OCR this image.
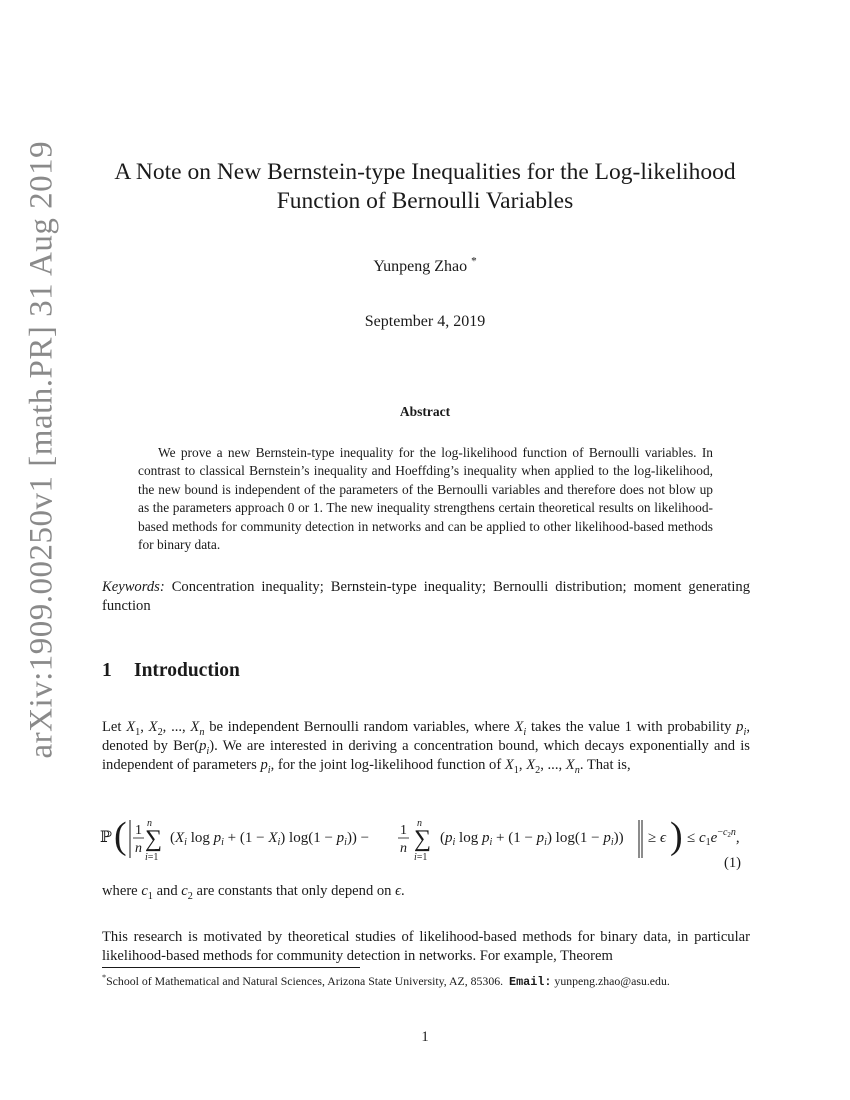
arXiv:1909.00250v1 [math.PR] 31 Aug 2019	A Note on New Bernstein-type Inequalities for the Log-likelihood
Function of Bernoulli Variables
Yunpeng Zhao *
September 4, 2019
Abstract
We prove a new Bernstein-type inequality for the log-likelihood function of Bernoulli variables. In contrast to classical Bernstein’s inequality and Hoeffding’s inequality when applied to the log-likelihood, the new bound is independent of the parameters of the Bernoulli variables and therefore does not blow up as the parameters approach 0 or 1. The new inequality strengthens certain theoretical results on likelihood-based methods for community detection in networks and can be applied to other likelihood-based methods for binary data.
Keywords: Concentration inequality; Bernstein-type inequality; Bernoulli distribution; moment generating function
1 Introduction
Let $X_1$, $X_2$, ..., $X_n$ be independent Bernoulli random variables, where $X_i$ takes the value 1 with probability $p_i$, denoted by $Ber(p_i)$. We are interested in deriving a concentration bound, which decays exponentially and is independent of parameters $p_i$, for the joint log-likelihood function of $X_1$, $X_2$, ..., $X_n$. That is,
ℙ ( 1
n
n
∑
i=1
($X_i$ $\log p_i + (1 - X_i) \log(1 - p_i)) - 1$
n
n
∑
i=1
($p_i$ $\log p_i + (1 - p_i) \log(1 - p_i)) \ge \epsilon$ ) ≤ $c_1e^-c2n$,
(1)
where $c_1$ and $c_2$ are constants that only depend on ϵ.
This research is motivated by theoretical studies of likelihood-based methods for binary data, in particular likelihood-based methods for community detection in networks. For example, Theorem
*School of Mathematical and Natural Sciences, Arizona State University, AZ, 85306. Email: yunpeng.zhao@asu.edu.
1
